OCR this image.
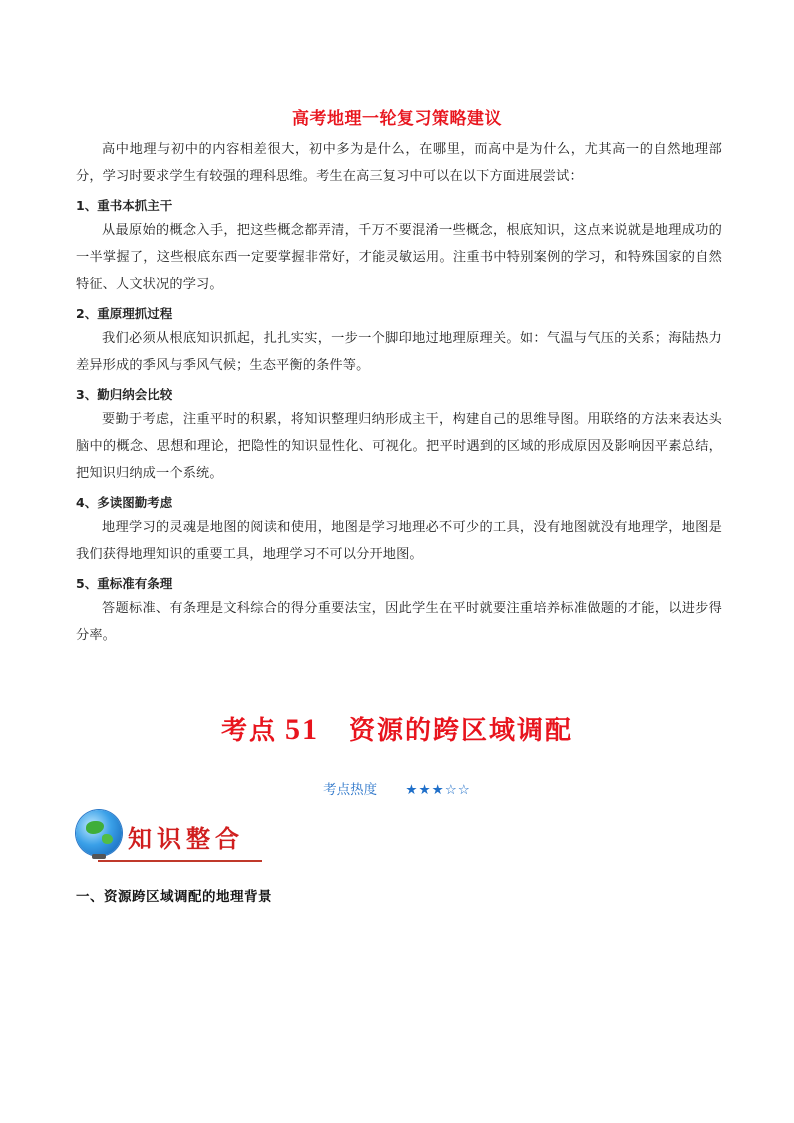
高考地理一轮复习策略建议
高中地理与初中的内容相差很大，初中多为是什么，在哪里，而高中是为什么，尤其高一的自然地理部分，学习时要求学生有较强的理科思维。考生在高三复习中可以在以下方面进展尝试：
1、重书本抓主干
从最原始的概念入手，把这些概念都弄清，千万不要混淆一些概念，根底知识，这点来说就是地理成功的一半掌握了，这些根底东西一定要掌握非常好，才能灵敏运用。注重书中特别案例的学习，和特殊国家的自然特征、人文状况的学习。
2、重原理抓过程
我们必须从根底知识抓起，扎扎实实，一步一个脚印地过地理原理关。如：气温与气压的关系；海陆热力差异形成的季风与季风气候；生态平衡的条件等。
3、勤归纳会比较
要勤于考虑，注重平时的积累，将知识整理归纳形成主干，构建自己的思维导图。用联络的方法来表达头脑中的概念、思想和理论，把隐性的知识显性化、可视化。把平时遇到的区域的形成原因及影响因平素总结，把知识归纳成一个系统。
4、多读图勤考虑
地理学习的灵魂是地图的阅读和使用，地图是学习地理必不可少的工具，没有地图就没有地理学，地图是我们获得地理知识的重要工具，地理学习不可以分开地图。
5、重标准有条理
答题标准、有条理是文科综合的得分重要法宝，因此学生在平时就要注重培养标准做题的才能，以进步得分率。
考点 51 资源的跨区域调配
考点热度 ★★★☆☆
知识整合
一、资源跨区域调配的地理背景
